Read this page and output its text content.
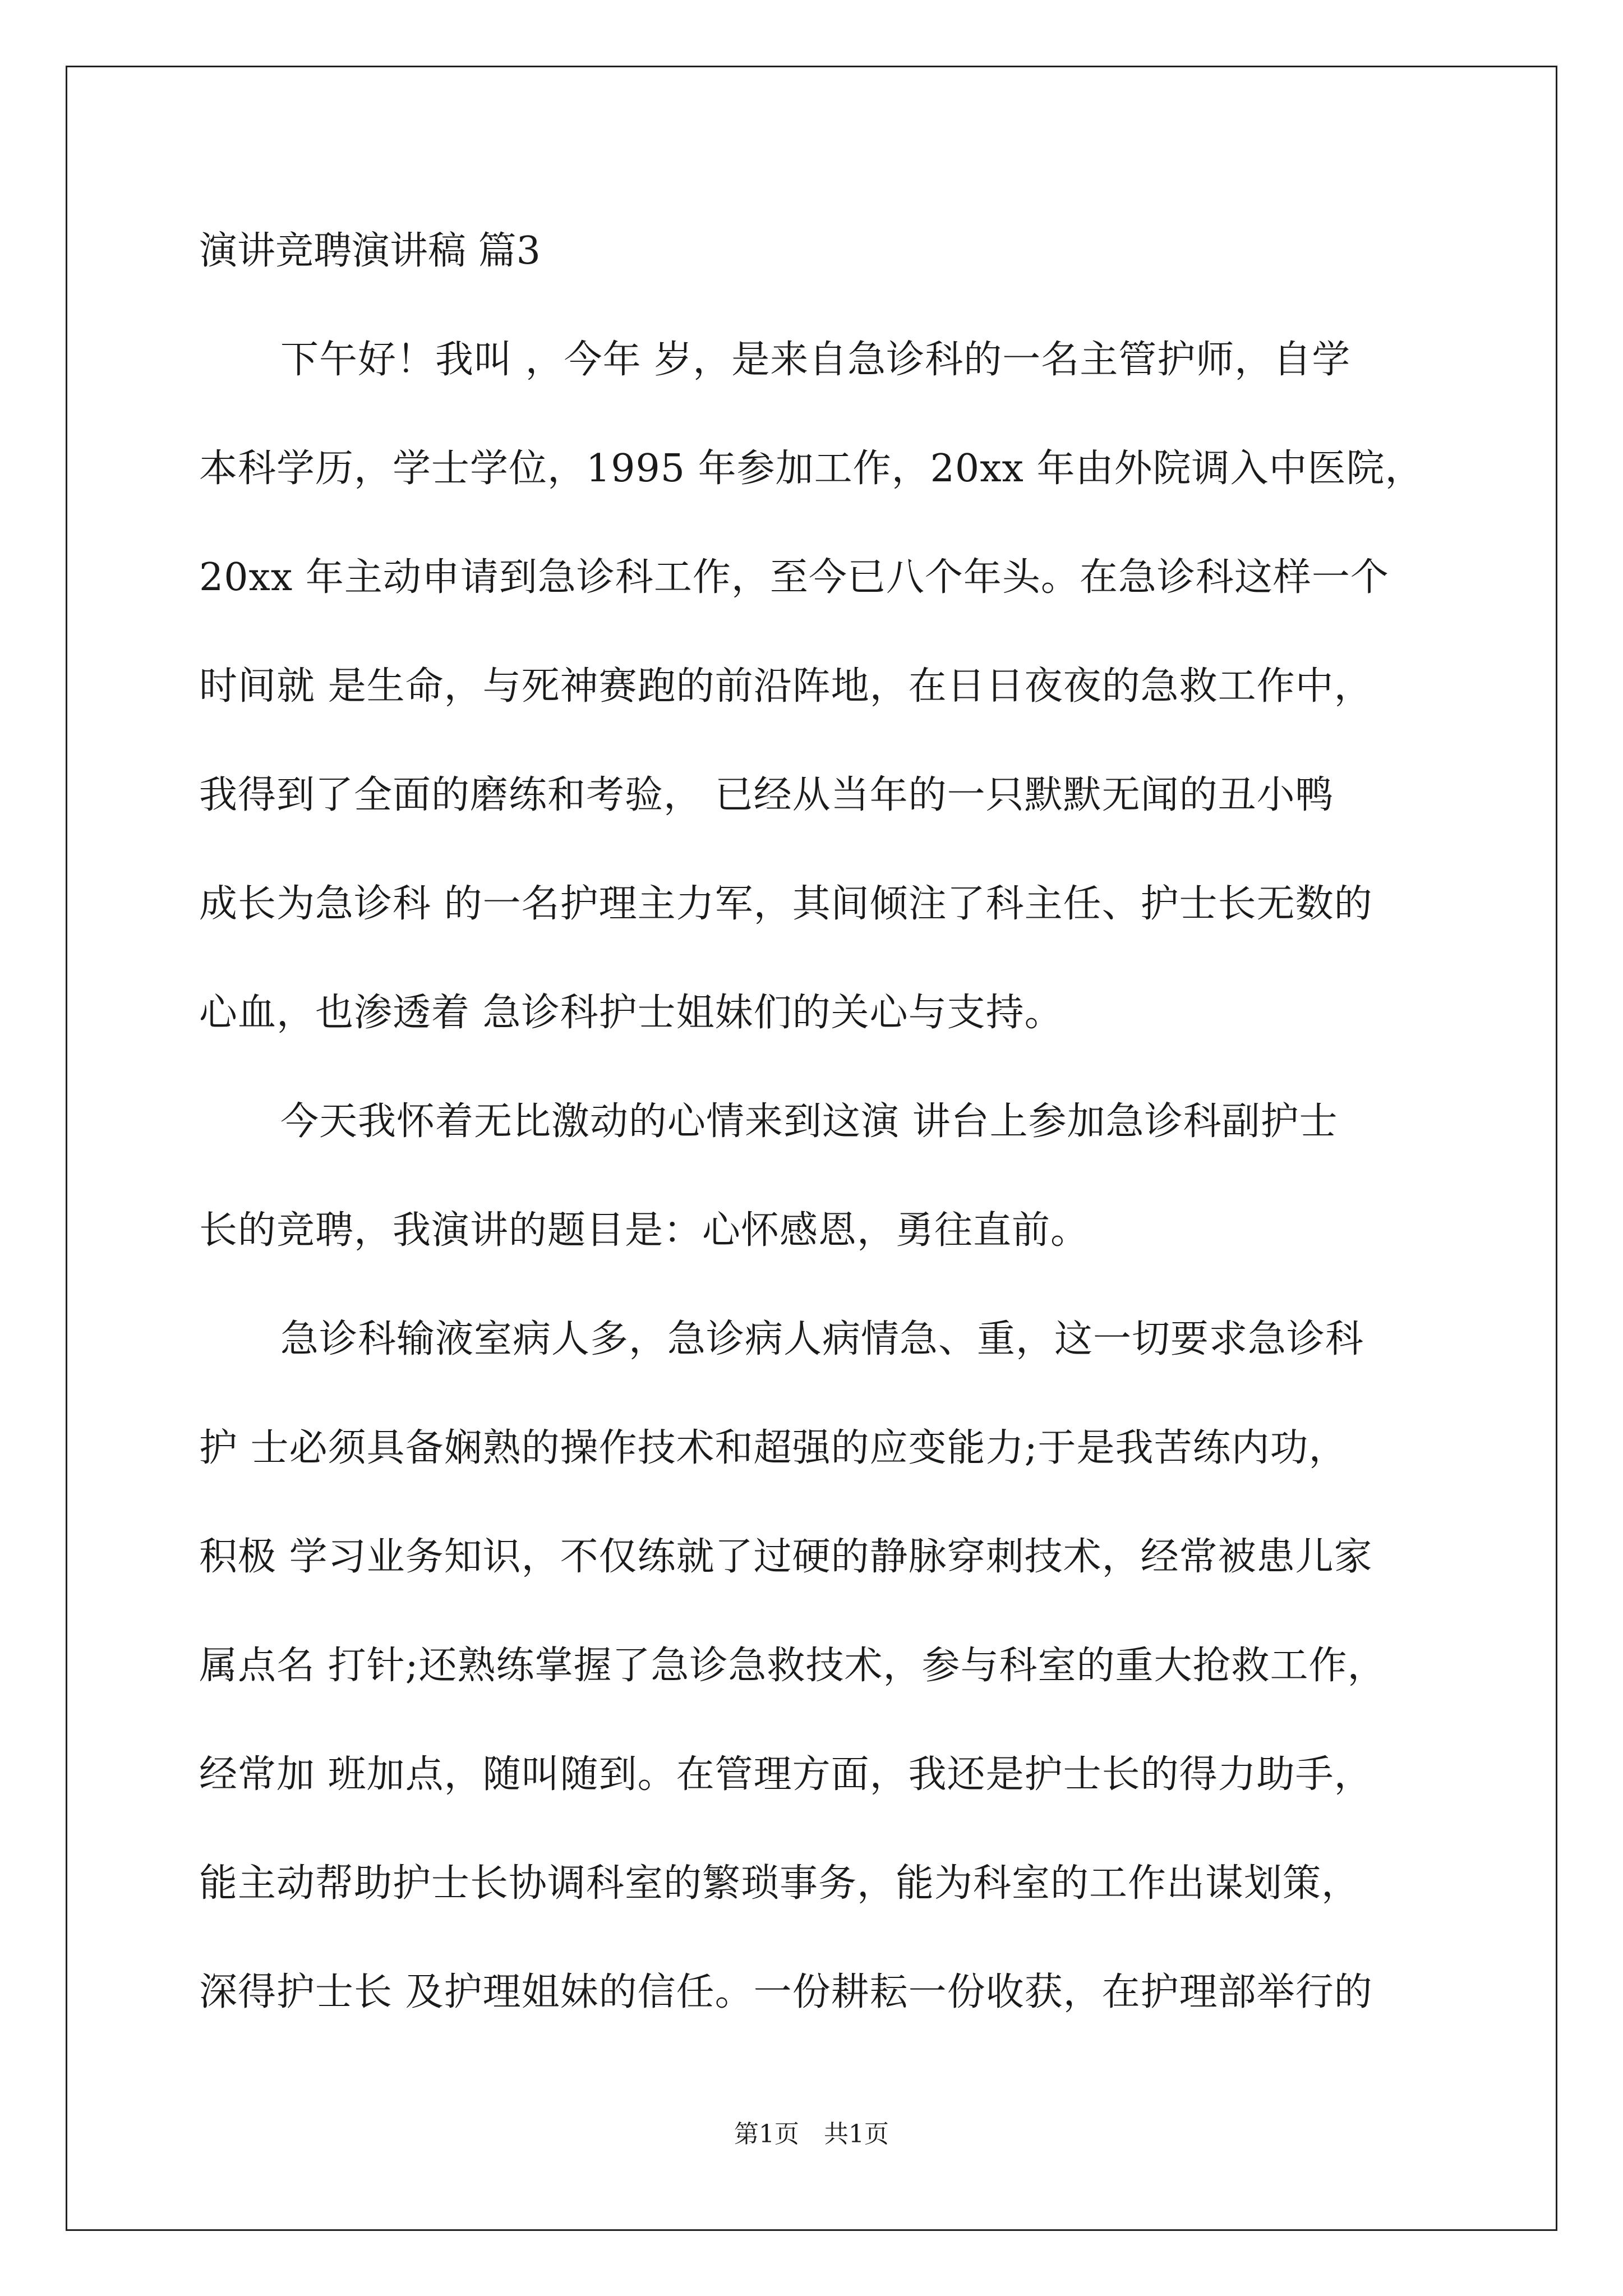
演讲竞聘演讲稿 篇3
下午好！我叫 ，今年 岁，是来自急诊科的一名主管护师，自学
本科学历，学士学位，1995 年参加工作，20xx 年由外院调入中医院，
20xx 年主动申请到急诊科工作，至今已八个年头。在急诊科这样一个
时间就 是生命，与死神赛跑的前沿阵地，在日日夜夜的急救工作中，
我得到了全面的磨练和考验， 已经从当年的一只默默无闻的丑小鸭
成长为急诊科 的一名护理主力军，其间倾注了科主任、护士长无数的
心血，也渗透着 急诊科护士姐妹们的关心与支持。
今天我怀着无比激动的心情来到这演 讲台上参加急诊科副护士
长的竞聘，我演讲的题目是：心怀感恩，勇往直前。
急诊科输液室病人多，急诊病人病情急、重，这一切要求急诊科
护 士必须具备娴熟的操作技术和超强的应变能力;于是我苦练内功，
积极 学习业务知识，不仅练就了过硬的静脉穿刺技术，经常被患儿家
属点名 打针;还熟练掌握了急诊急救技术，参与科室的重大抢救工作，
经常加 班加点，随叫随到。在管理方面，我还是护士长的得力助手，
能主动帮助护士长协调科室的繁琐事务，能为科室的工作出谋划策，
深得护士长 及护理姐妹的信任。一份耕耘一份收获，在护理部举行的
第1页　共1页
